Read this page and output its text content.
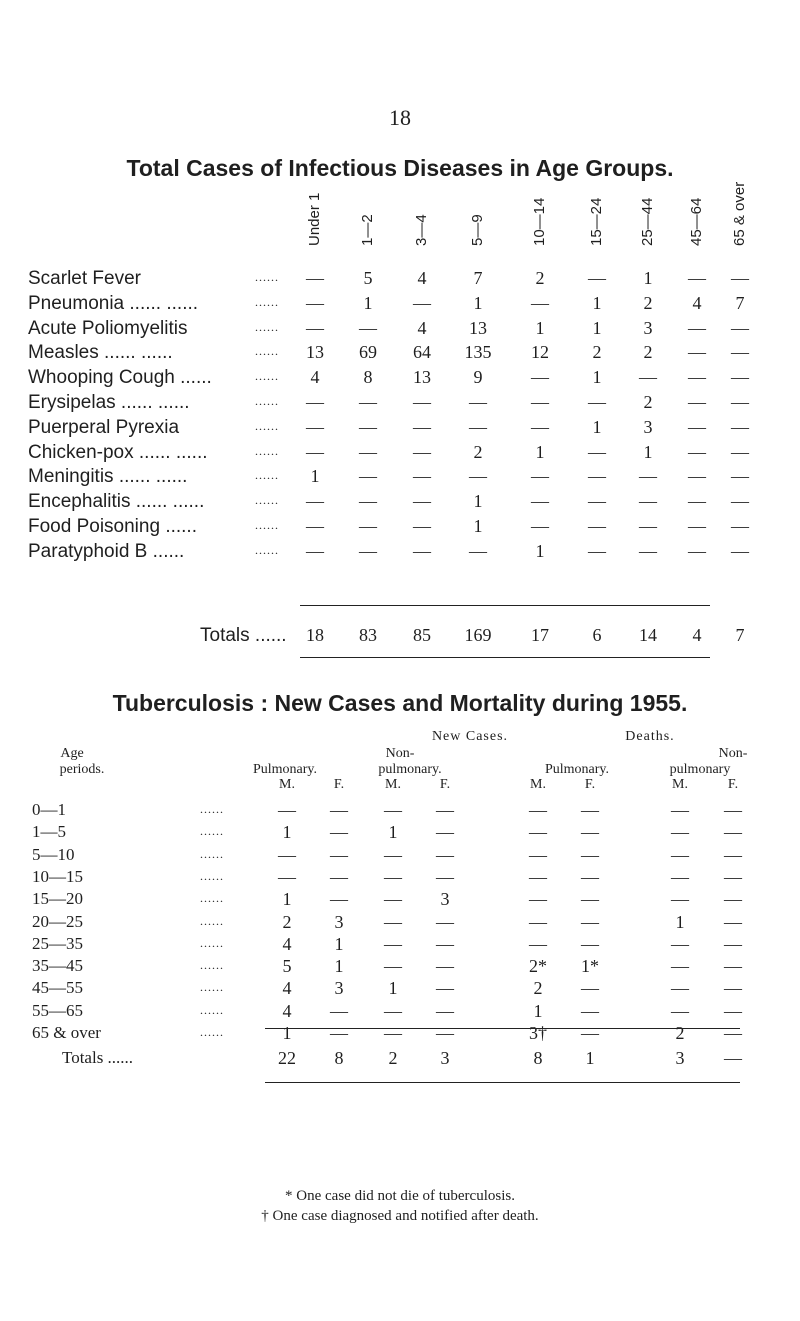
18
Total Cases of Infectious Diseases in Age Groups.
Under 1 1—2 3—4	5—9	10—14	15—24 25—44 45—64 65 & over
Scarlet Fever	......	—	5	4	7	2	—	1	—	—
Pneumonia ...... ......	......	—	1	—	1	—	1	2	4	7
Acute Poliomyelitis	......	—	—	4	13	1	1	3	—	—
Measles ...... ......	......	13	69	64	135	12	2	2	—	—
Whooping Cough ......	......	4	8	13	9	—	1	—	—	—
Erysipelas ...... ......	......	—	—	—	—	—	—	2	—	—
Puerperal Pyrexia	......	—	—	—	—	—	1	3	—	—
Chicken-pox ...... ......	......	—	—	—	2	1	—	1	—	—
Meningitis ...... ......	......	1	—	—	—	—	—	—	—	—
Encephalitis ...... ......	......	—	—	—	1	—	—	—	—	—
Food Poisoning ......	......	—	—	—	1	—	—	—	—	—
Paratyphoid B ......	......	—	—	—	—	1	—	—	—	—
Totals ......	18	83	85	169	17	6	14	4	7
Tuberculosis : New Cases and Mortality during 1955.
New Cases.	Deaths.
Age
periods.
Non-	Non-
Pulmonary.	pulmonary.	Pulmonary.	pulmonary
M.	F.	M.	F.	M.	F.	M.	F.
0—1	......	—	—	—	—	—	—	—	—
1—5	......	1	—	1	—	—	—	—	—
5—10	......	—	—	—	—	—	—	—	—
10—15	......	—	—	—	—	—	—	—	—
15—20	......	1	—	—	3	—	—	—	—
20—25	......	2	3	—	—	—	—	1	—
25—35	......	4	1	—	—	—	—	—	—
35—45	......	5	1	—	—	2*	1*	—	—
45—55	......	4	3	1	—	2	—	—	—
55—65	......	4	—	—	—	1	—	—	—
65 & over	......	1	—	—	—	3†	—	2	—
Totals ......	22	8	2	3	8	1	3	—
* One case did not die of tuberculosis.
† One case diagnosed and notified after death.
